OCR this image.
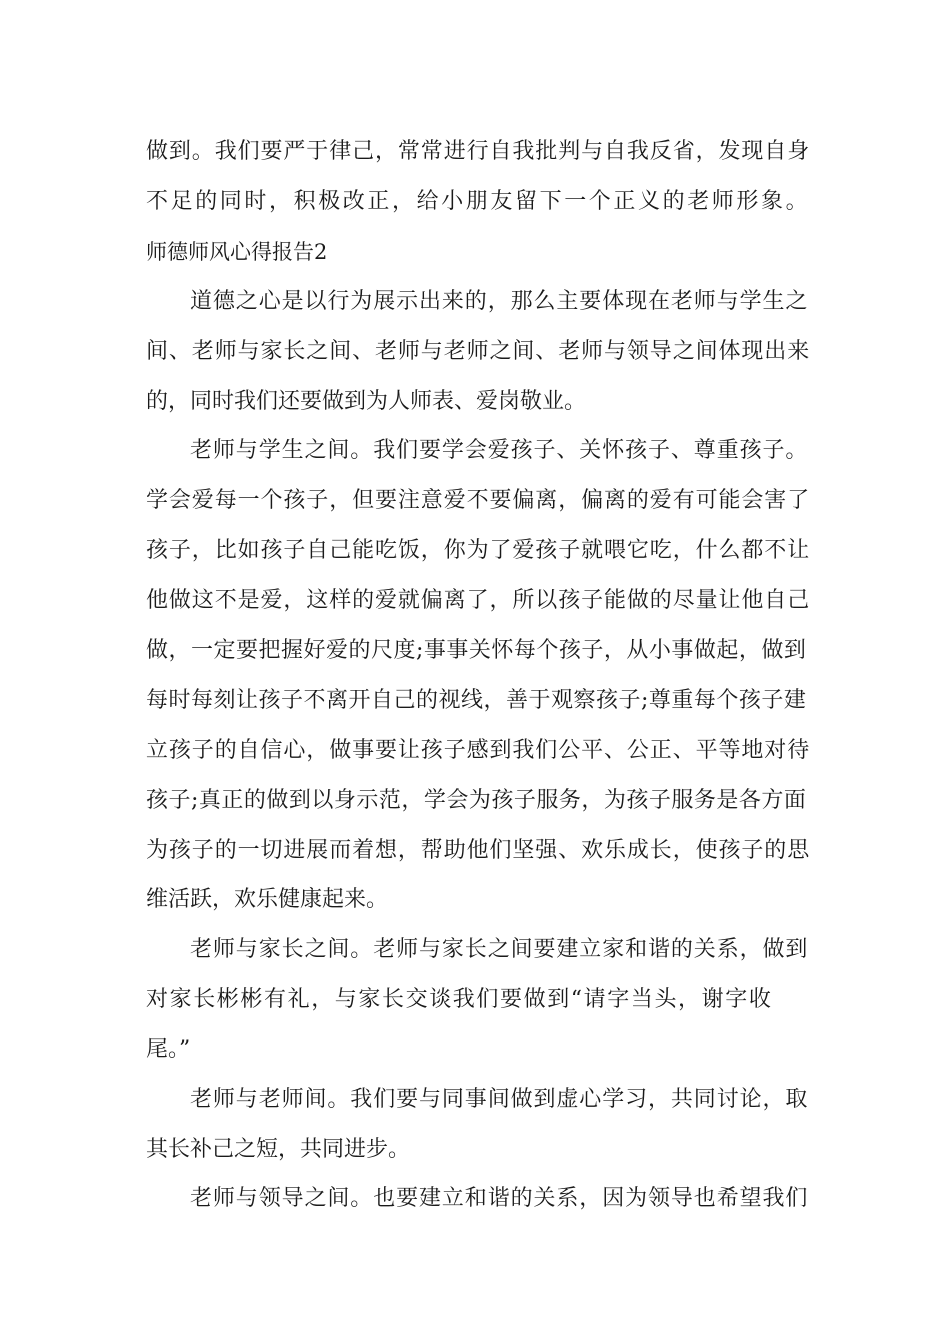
做到。我们要严于律己，常常进行自我批判与自我反省，发现自身

不足的同时，积极改正，给小朋友留下一个正义的老师形象。

师德师风心得报告2

道德之心是以行为展示出来的，那么主要体现在老师与学生之

间、老师与家长之间、老师与老师之间、老师与领导之间体现出来

的，同时我们还要做到为人师表、爱岗敬业。

老师与学生之间。我们要学会爱孩子、关怀孩子、尊重孩子。

学会爱每一个孩子，但要注意爱不要偏离，偏离的爱有可能会害了

孩子，比如孩子自己能吃饭，你为了爱孩子就喂它吃，什么都不让

他做这不是爱，这样的爱就偏离了，所以孩子能做的尽量让他自己

做，一定要把握好爱的尺度;事事关怀每个孩子，从小事做起，做到

每时每刻让孩子不离开自己的视线，善于观察孩子;尊重每个孩子建

立孩子的自信心，做事要让孩子感到我们公平、公正、平等地对待

孩子;真正的做到以身示范，学会为孩子服务，为孩子服务是各方面

为孩子的一切进展而着想，帮助他们坚强、欢乐成长，使孩子的思

维活跃，欢乐健康起来。

老师与家长之间。老师与家长之间要建立家和谐的关系，做到

对家长彬彬有礼，与家长交谈我们要做到“请字当头，谢字收

尾。”

老师与老师间。我们要与同事间做到虚心学习，共同讨论，取

其长补己之短，共同进步。

老师与领导之间。也要建立和谐的关系，因为领导也希望我们
